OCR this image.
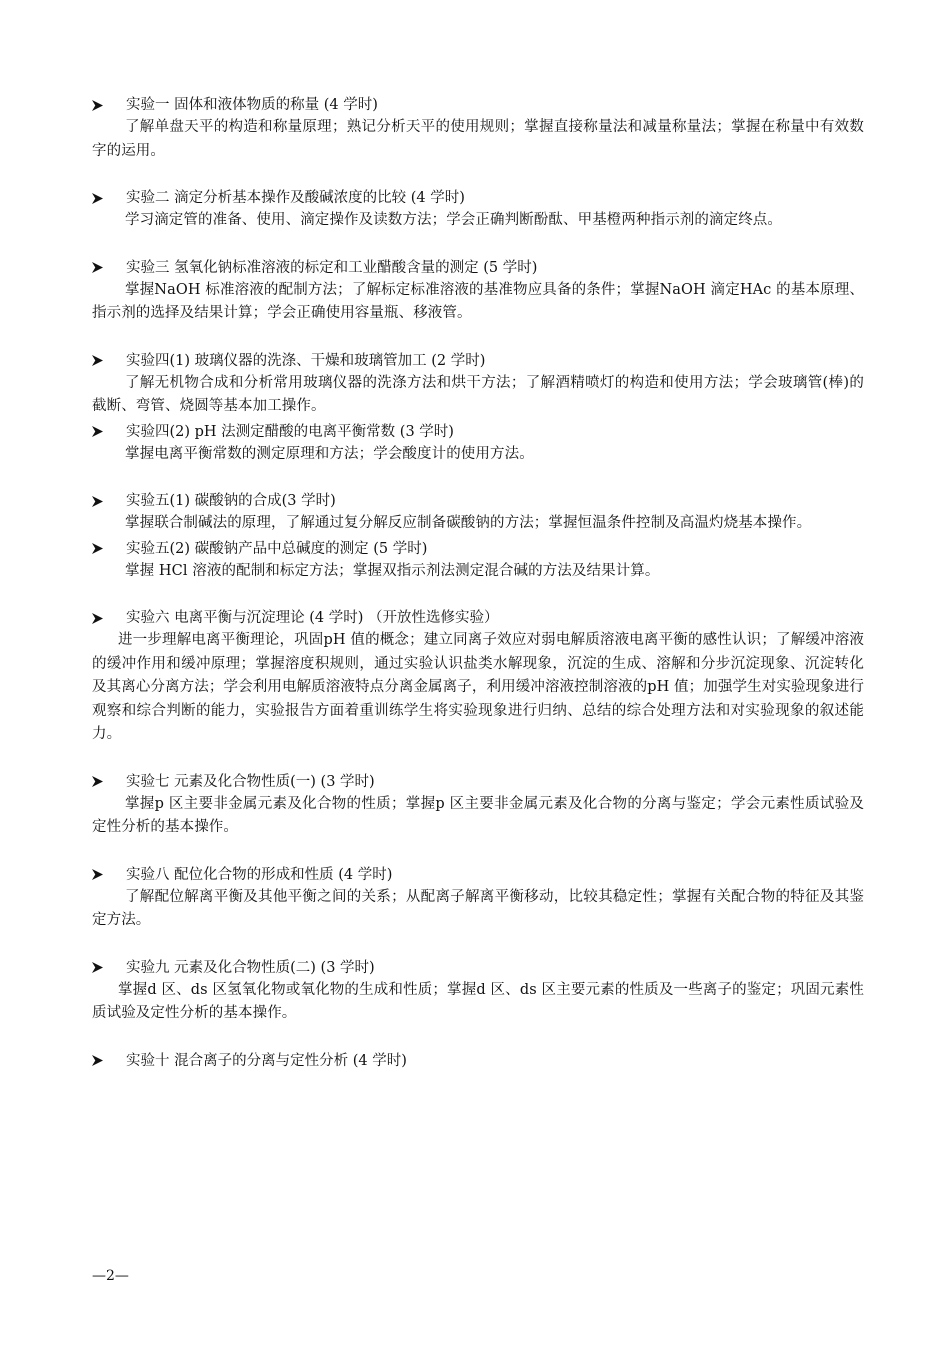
实验一 固体和液体物质的称量 (4 学时)

了解单盘天平的构造和称量原理；熟记分析天平的使用规则；掌握直接称量法和减量称量法；掌握在称量中有效数字的运用。

实验二 滴定分析基本操作及酸碱浓度的比较 (4 学时)

学习滴定管的准备、使用、滴定操作及读数方法；学会正确判断酚酞、甲基橙两种指示剂的滴定终点。

实验三 氢氧化钠标准溶液的标定和工业醋酸含量的测定 (5 学时)

掌握NaOH 标准溶液的配制方法；了解标定标准溶液的基准物应具备的条件；掌握NaOH 滴定HAc 的基本原理、指示剂的选择及结果计算；学会正确使用容量瓶、移液管。

实验四(1) 玻璃仪器的洗涤、干燥和玻璃管加工 (2 学时)

了解无机物合成和分析常用玻璃仪器的洗涤方法和烘干方法；了解酒精喷灯的构造和使用方法；学会玻璃管(棒)的截断、弯管、烧圆等基本加工操作。

实验四(2) pH 法测定醋酸的电离平衡常数 (3 学时)

掌握电离平衡常数的测定原理和方法；学会酸度计的使用方法。

实验五(1) 碳酸钠的合成(3 学时)

掌握联合制碱法的原理，了解通过复分解反应制备碳酸钠的方法；掌握恒温条件控制及高温灼烧基本操作。

实验五(2) 碳酸钠产品中总碱度的测定 (5 学时)

掌握 HCl 溶液的配制和标定方法；掌握双指示剂法测定混合碱的方法及结果计算。

实验六 电离平衡与沉淀理论 (4 学时) （开放性选修实验）

进一步理解电离平衡理论，巩固pH 值的概念；建立同离子效应对弱电解质溶液电离平衡的感性认识；了解缓冲溶液的缓冲作用和缓冲原理；掌握溶度积规则，通过实验认识盐类水解现象，沉淀的生成、溶解和分步沉淀现象、沉淀转化及其离心分离方法；学会利用电解质溶液特点分离金属离子，利用缓冲溶液控制溶液的pH 值；加强学生对实验现象进行观察和综合判断的能力，实验报告方面着重训练学生将实验现象进行归纳、总结的综合处理方法和对实验现象的叙述能力。

实验七 元素及化合物性质(一) (3 学时)

掌握p 区主要非金属元素及化合物的性质；掌握p 区主要非金属元素及化合物的分离与鉴定；学会元素性质试验及定性分析的基本操作。

实验八 配位化合物的形成和性质 (4 学时)

了解配位解离平衡及其他平衡之间的关系；从配离子解离平衡移动，比较其稳定性；掌握有关配合物的特征及其鉴定方法。

实验九 元素及化合物性质(二) (3 学时)

掌握d 区、ds 区氢氧化物或氧化物的生成和性质；掌握d 区、ds 区主要元素的性质及一些离子的鉴定；巩固元素性质试验及定性分析的基本操作。

实验十 混合离子的分离与定性分析 (4 学时)
—2—
